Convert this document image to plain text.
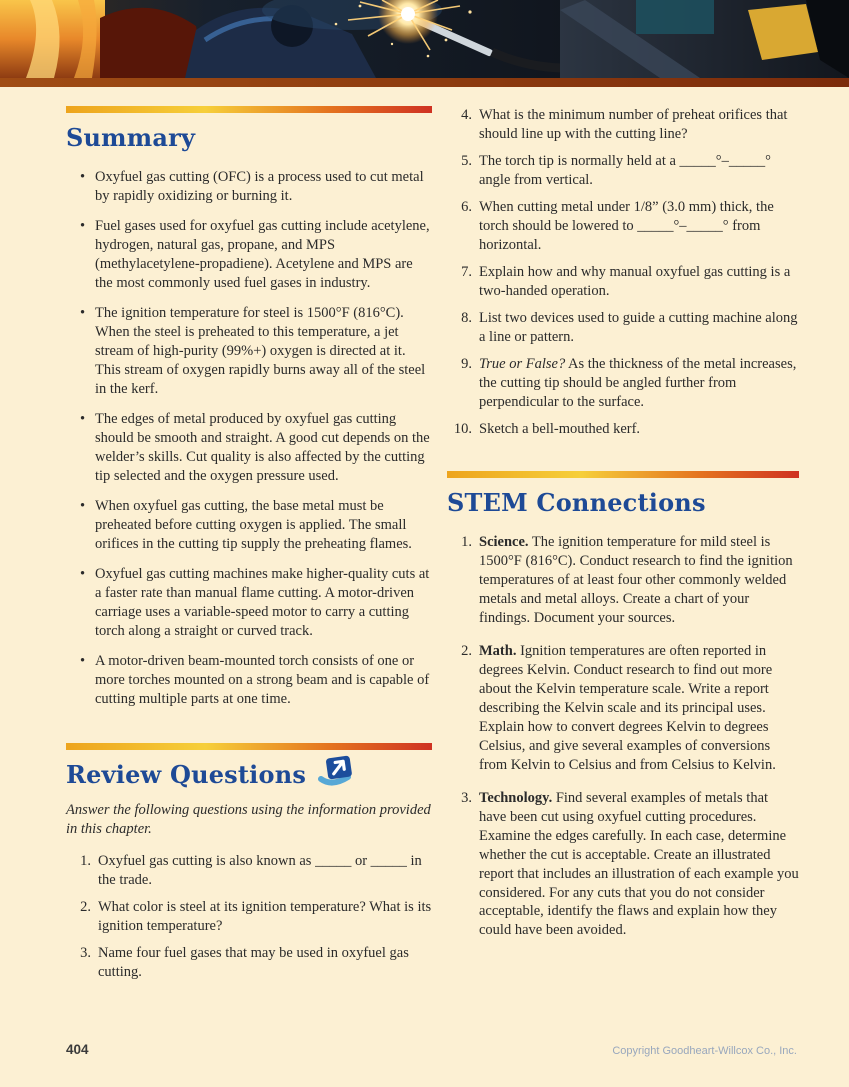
Summary
• Oxyfuel gas cutting (OFC) is a process used to cut metal by rapidly oxidizing or burning it.
• Fuel gases used for oxyfuel gas cutting include acetylene, hydrogen, natural gas, propane, and MPS (methylacetylene-propadiene). Acetylene and MPS are the most commonly used fuel gases in industry.
• The ignition temperature for steel is 1500°F (816°C). When the steel is preheated to this temperature, a jet stream of high-purity (99%+) oxygen is directed at it. This stream of oxygen rapidly burns away all of the steel in the kerf.
• The edges of metal produced by oxyfuel gas cutting should be smooth and straight. A good cut depends on the welder’s skills. Cut quality is also affected by the cutting tip selected and the oxygen pressure used.
• When oxyfuel gas cutting, the base metal must be preheated before cutting oxygen is applied. The small orifices in the cutting tip supply the preheating flames.
• Oxyfuel gas cutting machines make higher-quality cuts at a faster rate than manual flame cutting. A motor-driven carriage uses a variable-speed motor to carry a cutting torch along a straight or curved track.
• A motor-driven beam-mounted torch consists of one or more torches mounted on a strong beam and is capable of cutting multiple parts at one time.
Review Questions

Answer the following questions using the information provided in this chapter.

1. Oxyfuel gas cutting is also known as _____ or _____ in the trade.
2. What color is steel at its ignition temperature? What is its ignition temperature?
3. Name four fuel gases that may be used in oxyfuel gas cutting.
4. What is the minimum number of preheat orifices that should line up with the cutting line?
5. The torch tip is normally held at a _____°–_____° angle from vertical.
6. When cutting metal under 1/8” (3.0 mm) thick, the torch should be lowered to _____°–_____° from horizontal.
7. Explain how and why manual oxyfuel gas cutting is a two-handed operation.
8. List two devices used to guide a cutting machine along a line or pattern.
9. True or False? As the thickness of the metal increases, the cutting tip should be angled further from perpendicular to the surface.
10. Sketch a bell-mouthed kerf.
STEM Connections
1. Science. The ignition temperature for mild steel is 1500°F (816°C). Conduct research to find the ignition temperatures of at least four other commonly welded metals and metal alloys. Create a chart of your findings. Document your sources.
2. Math. Ignition temperatures are often reported in degrees Kelvin. Conduct research to find out more about the Kelvin temperature scale. Write a report describing the Kelvin scale and its principal uses. Explain how to convert degrees Kelvin to degrees Celsius, and give several examples of conversions from Kelvin to Celsius and from Celsius to Kelvin.
3. Technology. Find several examples of metals that have been cut using oxyfuel cutting procedures. Examine the edges carefully. In each case, determine whether the cut is acceptable. Create an illustrated report that includes an illustration of each example you considered. For any cuts that you do not consider acceptable, identify the flaws and explain how they could have been avoided.
404	Copyright Goodheart-Willcox Co., Inc.
